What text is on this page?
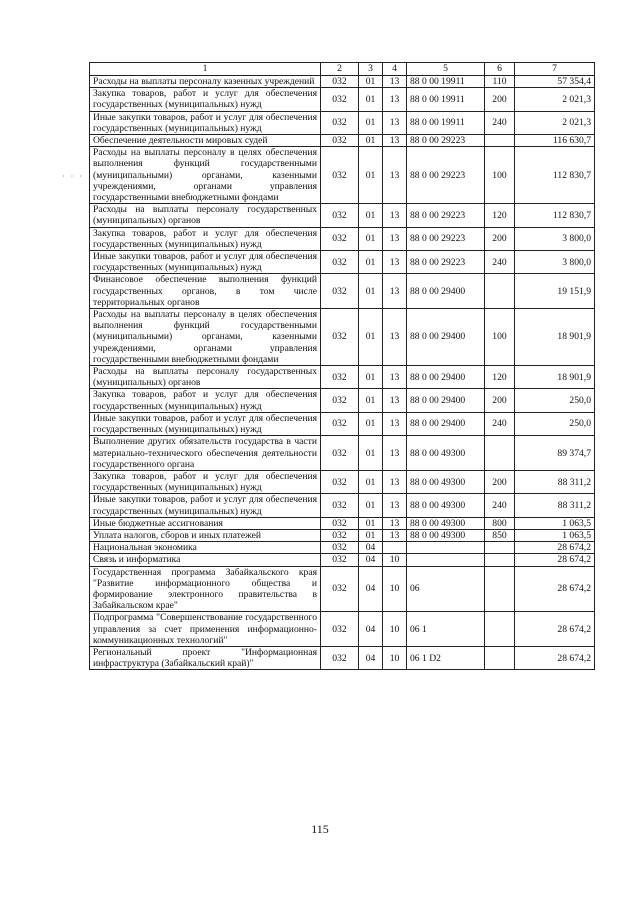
· · ·
1	2	3	4	5	6	7
Расходы на выплаты персоналу казенных учреждений	032	01	13	88 0 00 19911	110	57 354,4
Закупка товаров, работ и услуг для обеспечения государственных (муниципальных) нужд	032	01	13	88 0 00 19911	200	2 021,3
Иные закупки товаров, работ и услуг для обеспечения государственных (муниципальных) нужд	032	01	13	88 0 00 19911	240	2 021,3
Обеспечение деятельности мировых судей	032	01	13	88 0 00 29223		116 630,7
Расходы на выплаты персоналу в целях обеспечения выполнения функций государственными (муниципальными) органами, казенными учреждениями, органами управления государственными внебюджетными фондами	032	01	13	88 0 00 29223	100	112 830,7
Расходы на выплаты персоналу государственных (муниципальных) органов	032	01	13	88 0 00 29223	120	112 830,7
Закупка товаров, работ и услуг для обеспечения государственных (муниципальных) нужд	032	01	13	88 0 00 29223	200	3 800,0
Иные закупки товаров, работ и услуг для обеспечения государственных (муниципальных) нужд	032	01	13	88 0 00 29223	240	3 800,0
Финансовое обеспечение выполнения функций государственных органов, в том числе территориальных органов	032	01	13	88 0 00 29400		19 151,9
Расходы на выплаты персоналу в целях обеспечения выполнения функций государственными (муниципальными) органами, казенными учреждениями, органами управления государственными внебюджетными фондами	032	01	13	88 0 00 29400	100	18 901,9
Расходы на выплаты персоналу государственных (муниципальных) органов	032	01	13	88 0 00 29400	120	18 901,9
Закупка товаров, работ и услуг для обеспечения государственных (муниципальных) нужд	032	01	13	88 0 00 29400	200	250,0
Иные закупки товаров, работ и услуг для обеспечения государственных (муниципальных) нужд	032	01	13	88 0 00 29400	240	250,0
Выполнение других обязательств государства в части материально-технического обеспечения деятельности государственного органа	032	01	13	88 0 00 49300		89 374,7
Закупка товаров, работ и услуг для обеспечения государственных (муниципальных) нужд	032	01	13	88 0 00 49300	200	88 311,2
Иные закупки товаров, работ и услуг для обеспечения государственных (муниципальных) нужд	032	01	13	88 0 00 49300	240	88 311,2
Иные бюджетные ассигнования	032	01	13	88 0 00 49300	800	1 063,5
Уплата налогов, сборов и иных платежей	032	01	13	88 0 00 49300	850	1 063,5
Национальная экономика	032	04				28 674,2
Связь и информатика	032	04	10			28 674,2
Государственная программа Забайкальского края "Развитие информационного общества и формирование электронного правительства в Забайкальском крае"	032	04	10	06		28 674,2
Подпрограмма "Совершенствование государственного управления за счет применения информационно-коммуникационных технологий"	032	04	10	06 1		28 674,2
Региональный проект "Информационная инфраструктура (Забайкальский край)"	032	04	10	06 1 D2		28 674,2
115
